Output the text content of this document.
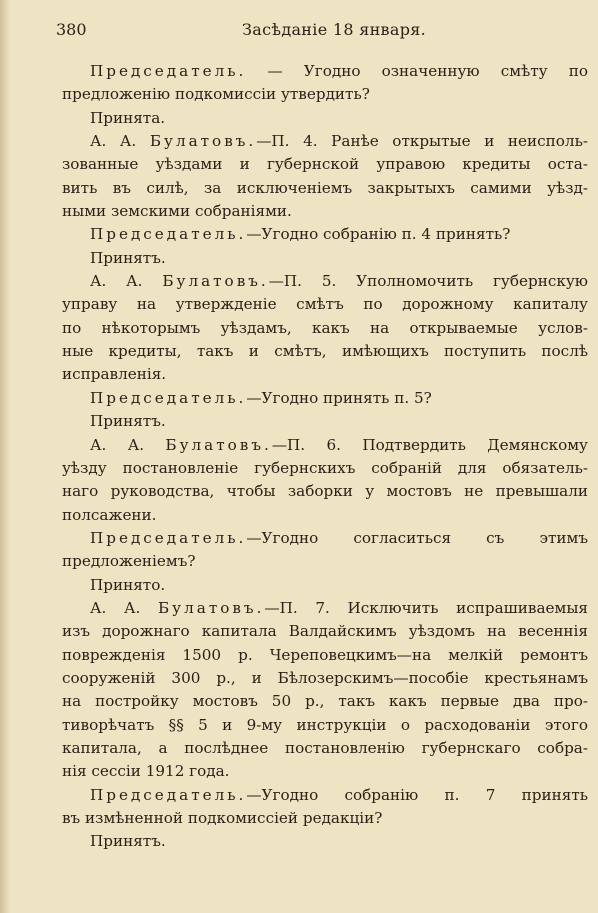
380	Засѣданіе 18 января.
Председатель. — Угодно означенную смѣту по
предложенію подкомиссіи утвердить?
Принята.
А. А. Булатовъ.—П. 4. Ранѣе открытые и неисполь-
зованные уѣздами и губернской управою кредиты оста-
вить въ силѣ, за исключеніемъ закрытыхъ самими уѣзд-
ными земскими собраніями.
Председатель.—Угодно собранію п. 4 принять?
Принятъ.
А. А. Булатовъ.—П. 5. Уполномочить губернскую
управу на утвержденіе смѣтъ по дорожному капиталу
по нѣкоторымъ уѣздамъ, какъ на открываемые услов-
ные кредиты, такъ и смѣтъ, имѣющихъ поступить послѣ
исправленія.
Председатель.—Угодно принять п. 5?
Принятъ.
А. А. Булатовъ.—П. 6. Подтвердить Демянскому
уѣзду постановленіе губернскихъ собраній для обязатель-
наго руководства, чтобы заборки у мостовъ не превышали
полсажени.
Председатель.—Угодно согласиться съ этимъ
предложеніемъ?
Принято.
А. А. Булатовъ.—П. 7. Исключить испрашиваемыя
изъ дорожнаго капитала Валдайскимъ уѣздомъ на весеннія
поврежденія 1500 р. Череповецкимъ—на мелкій ремонтъ
сооруженій 300 р., и Бѣлозерскимъ—пособіе крестьянамъ
на постройку мостовъ 50 р., такъ какъ первые два про-
тиворѣчатъ §§ 5 и 9-му инструкціи о расходованіи этого
капитала, а послѣднее постановленію губернскаго собра-
нія сессіи 1912 года.
Председатель.—Угодно собранію п. 7 принять
въ измѣненной подкомиссіей редакціи?
Принятъ.
